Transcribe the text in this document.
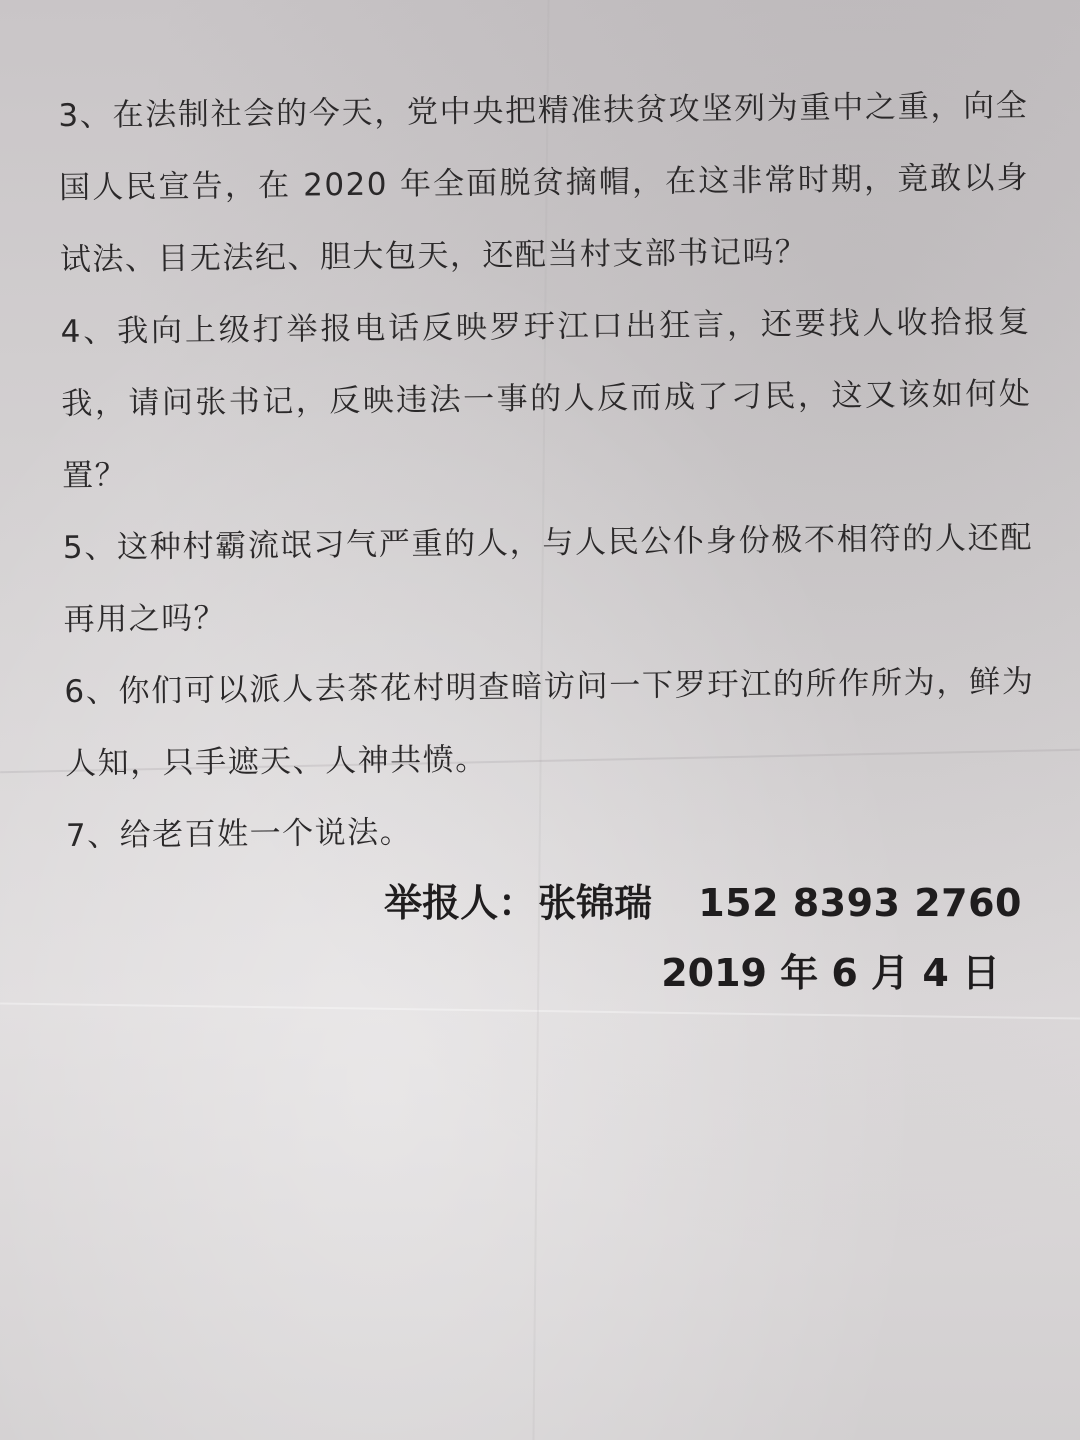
3、在法制社会的今天，党中央把精准扶贫攻坚列为重中之重，向全国人民宣告，在 2020 年全面脱贫摘帽，在这非常时期，竟敢以身试法、目无法纪、胆大包天，还配当村支部书记吗？

4、我向上级打举报电话反映罗玗江口出狂言，还要找人收拾报复我，请问张书记，反映违法一事的人反而成了刁民，这又该如何处置？

5、这种村霸流氓习气严重的人，与人民公仆身份极不相符的人还配再用之吗？

6、你们可以派人去茶花村明查暗访问一下罗玗江的所作所为，鲜为人知，只手遮天、人神共愤。

7、给老百姓一个说法。

举报人：张锦瑞 152 8393 2760
2019 年 6 月 4 日
